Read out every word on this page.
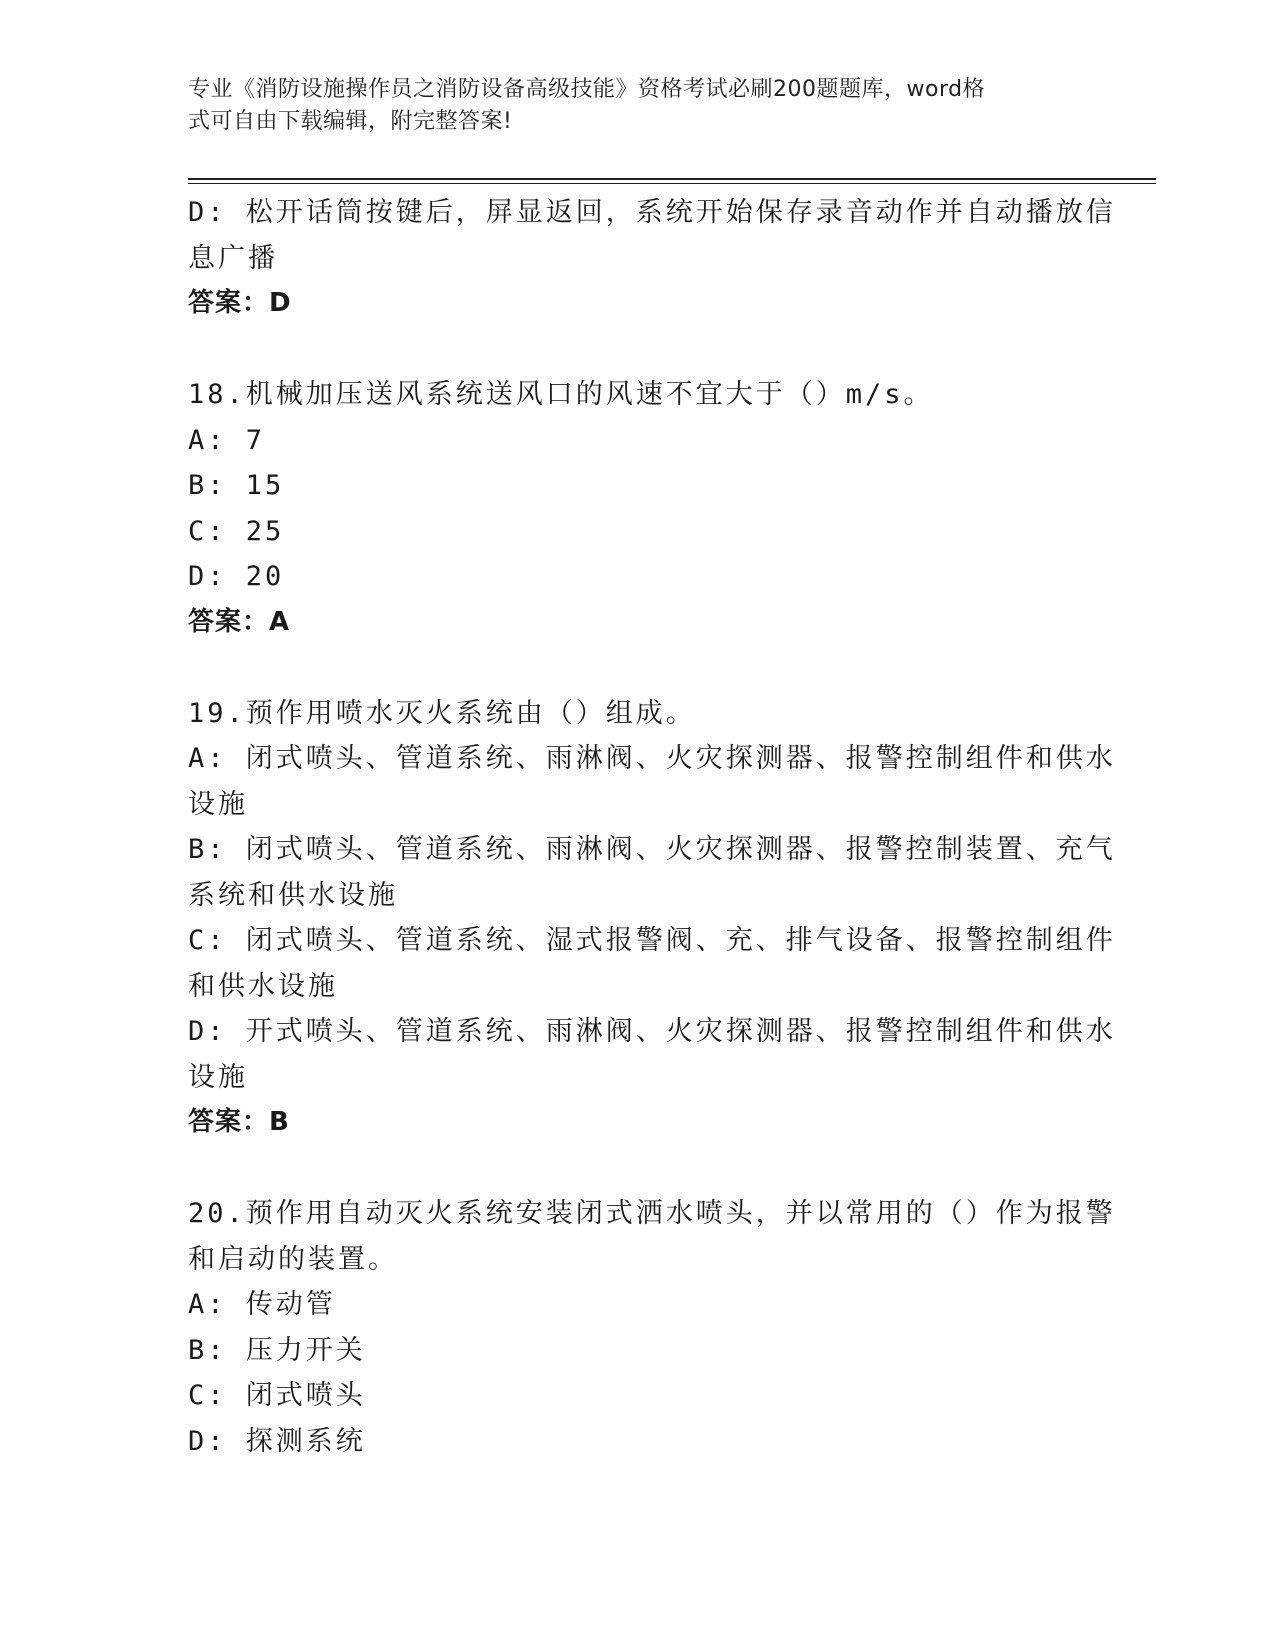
专业《消防设施操作员之消防设备高级技能》资格考试必刷200题题库，word格
式可自由下载编辑，附完整答案!

D: 松开话筒按键后，屏显返回，系统开始保存录音动作并自动播放信

息广播

答案：D

18.机械加压送风系统送风口的风速不宜大于（）m/s。

A: 7

B: 15

C: 25

D: 20

答案：A

19.预作用喷水灭火系统由（）组成。

A: 闭式喷头、管道系统、雨淋阀、火灾探测器、报警控制组件和供水

设施

B: 闭式喷头、管道系统、雨淋阀、火灾探测器、报警控制装置、充气

系统和供水设施

C: 闭式喷头、管道系统、湿式报警阀、充、排气设备、报警控制组件

和供水设施

D: 开式喷头、管道系统、雨淋阀、火灾探测器、报警控制组件和供水

设施

答案：B

20.预作用自动灭火系统安装闭式洒水喷头，并以常用的（）作为报警

和启动的装置。

A: 传动管

B: 压力开关

C: 闭式喷头

D: 探测系统
